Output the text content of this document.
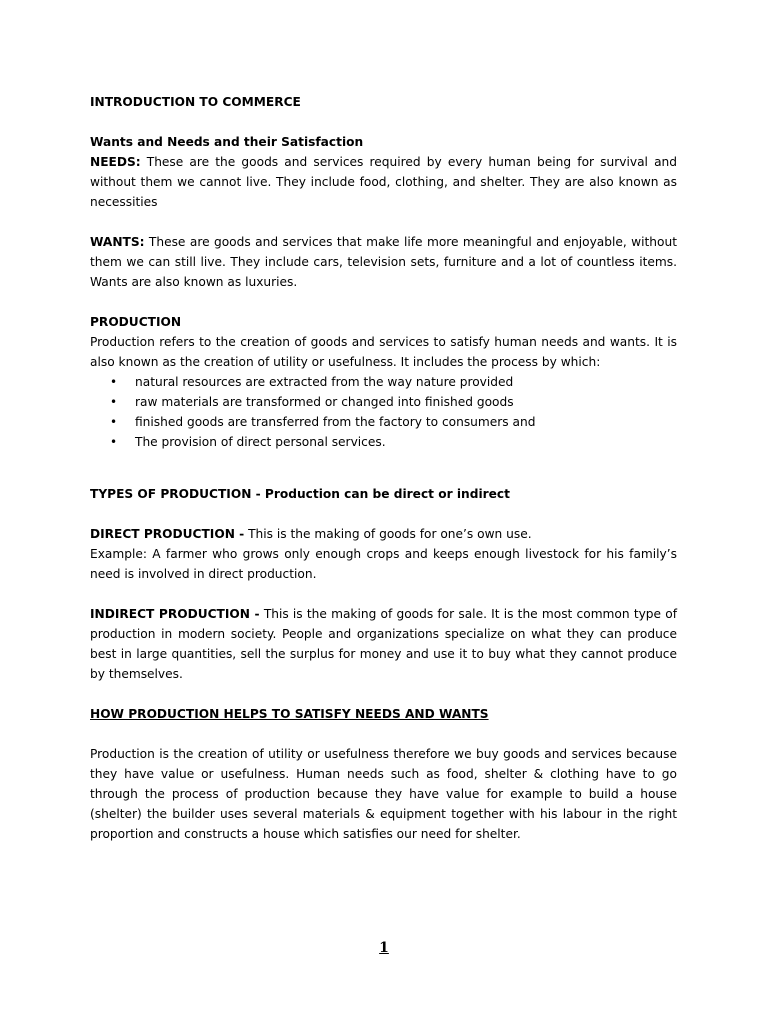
INTRODUCTION TO COMMERCE
Wants and Needs and their Satisfaction

NEEDS: These are the goods and services required by every human being for survival and without them we cannot live. They include food, clothing, and shelter. They are also known as necessities

WANTS: These are goods and services that make life more meaningful and enjoyable, without them we can still live. They include cars, television sets, furniture and a lot of countless items. Wants are also known as luxuries.

PRODUCTION

Production refers to the creation of goods and services to satisfy human needs and wants. It is also known as the creation of utility or usefulness. It includes the process by which:

• natural resources are extracted from the way nature provided
• raw materials are transformed or changed into finished goods
• finished goods are transferred from the factory to consumers and
• The provision of direct personal services.
TYPES OF PRODUCTION - Production can be direct or indirect

DIRECT PRODUCTION - This is the making of goods for one’s own use.

Example: A farmer who grows only enough crops and keeps enough livestock for his family’s need is involved in direct production.

INDIRECT PRODUCTION - This is the making of goods for sale. It is the most common type of production in modern society. People and organizations specialize on what they can produce best in large quantities, sell the surplus for money and use it to buy what they cannot produce by themselves.

HOW PRODUCTION HELPS TO SATISFY NEEDS AND WANTS

Production is the creation of utility or usefulness therefore we buy goods and services because they have value or usefulness. Human needs such as food, shelter & clothing have to go through the process of production because they have value for example to build a house (shelter) the builder uses several materials & equipment together with his labour in the right proportion and constructs a house which satisfies our need for shelter.

1
